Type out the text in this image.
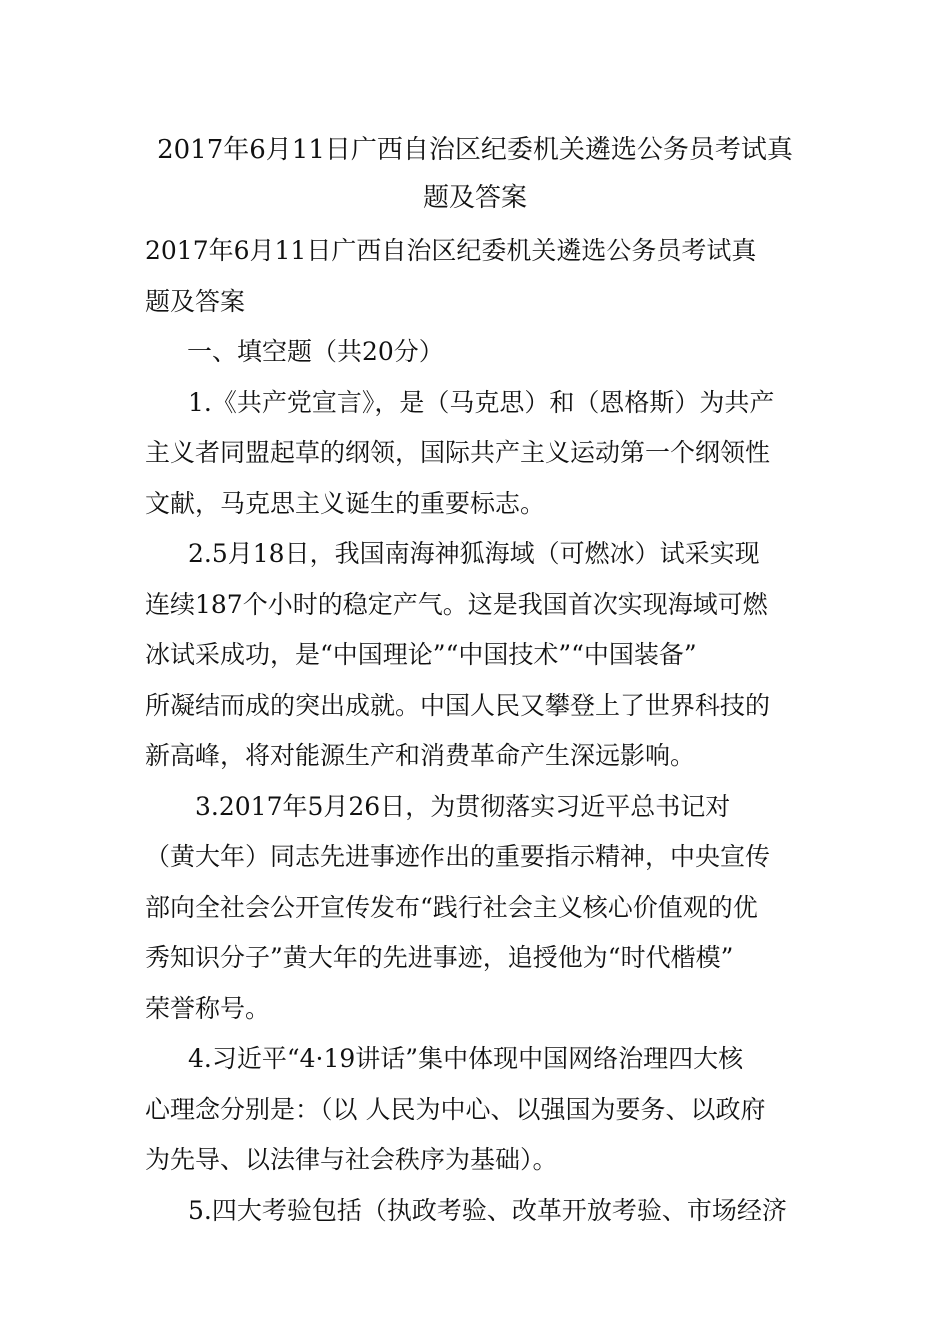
2017年6月11日广西自治区纪委机关遴选公务员考试真
题及答案
2017年6月11日广西自治区纪委机关遴选公务员考试真
题及答案
一、填空题（共20分）
1.《共产党宣言》，是（马克思）和（恩格斯）为共产
主义者同盟起草的纲领，国际共产主义运动第一个纲领性
文献，马克思主义诞生的重要标志。
2.5月18日，我国南海神狐海域（可燃冰）试采实现
连续187个小时的稳定产气。这是我国首次实现海域可燃
冰试采成功，是“中国理论”“中国技术”“中国装备”
所凝结而成的突出成就。中国人民又攀登上了世界科技的
新高峰，将对能源生产和消费革命产生深远影响。
3.2017年5月26日，为贯彻落实习近平总书记对
（黄大年）同志先进事迹作出的重要指示精神，中央宣传
部向全社会公开宣传发布“践行社会主义核心价值观的优
秀知识分子”黄大年的先进事迹，追授他为“时代楷模”
荣誉称号。
4.习近平“4·19讲话”集中体现中国网络治理四大核
心理念分别是：（以 人民为中心、以强国为要务、以政府
为先导、以法律与社会秩序为基础）。
5.四大考验包括（执政考验、改革开放考验、市场经济
